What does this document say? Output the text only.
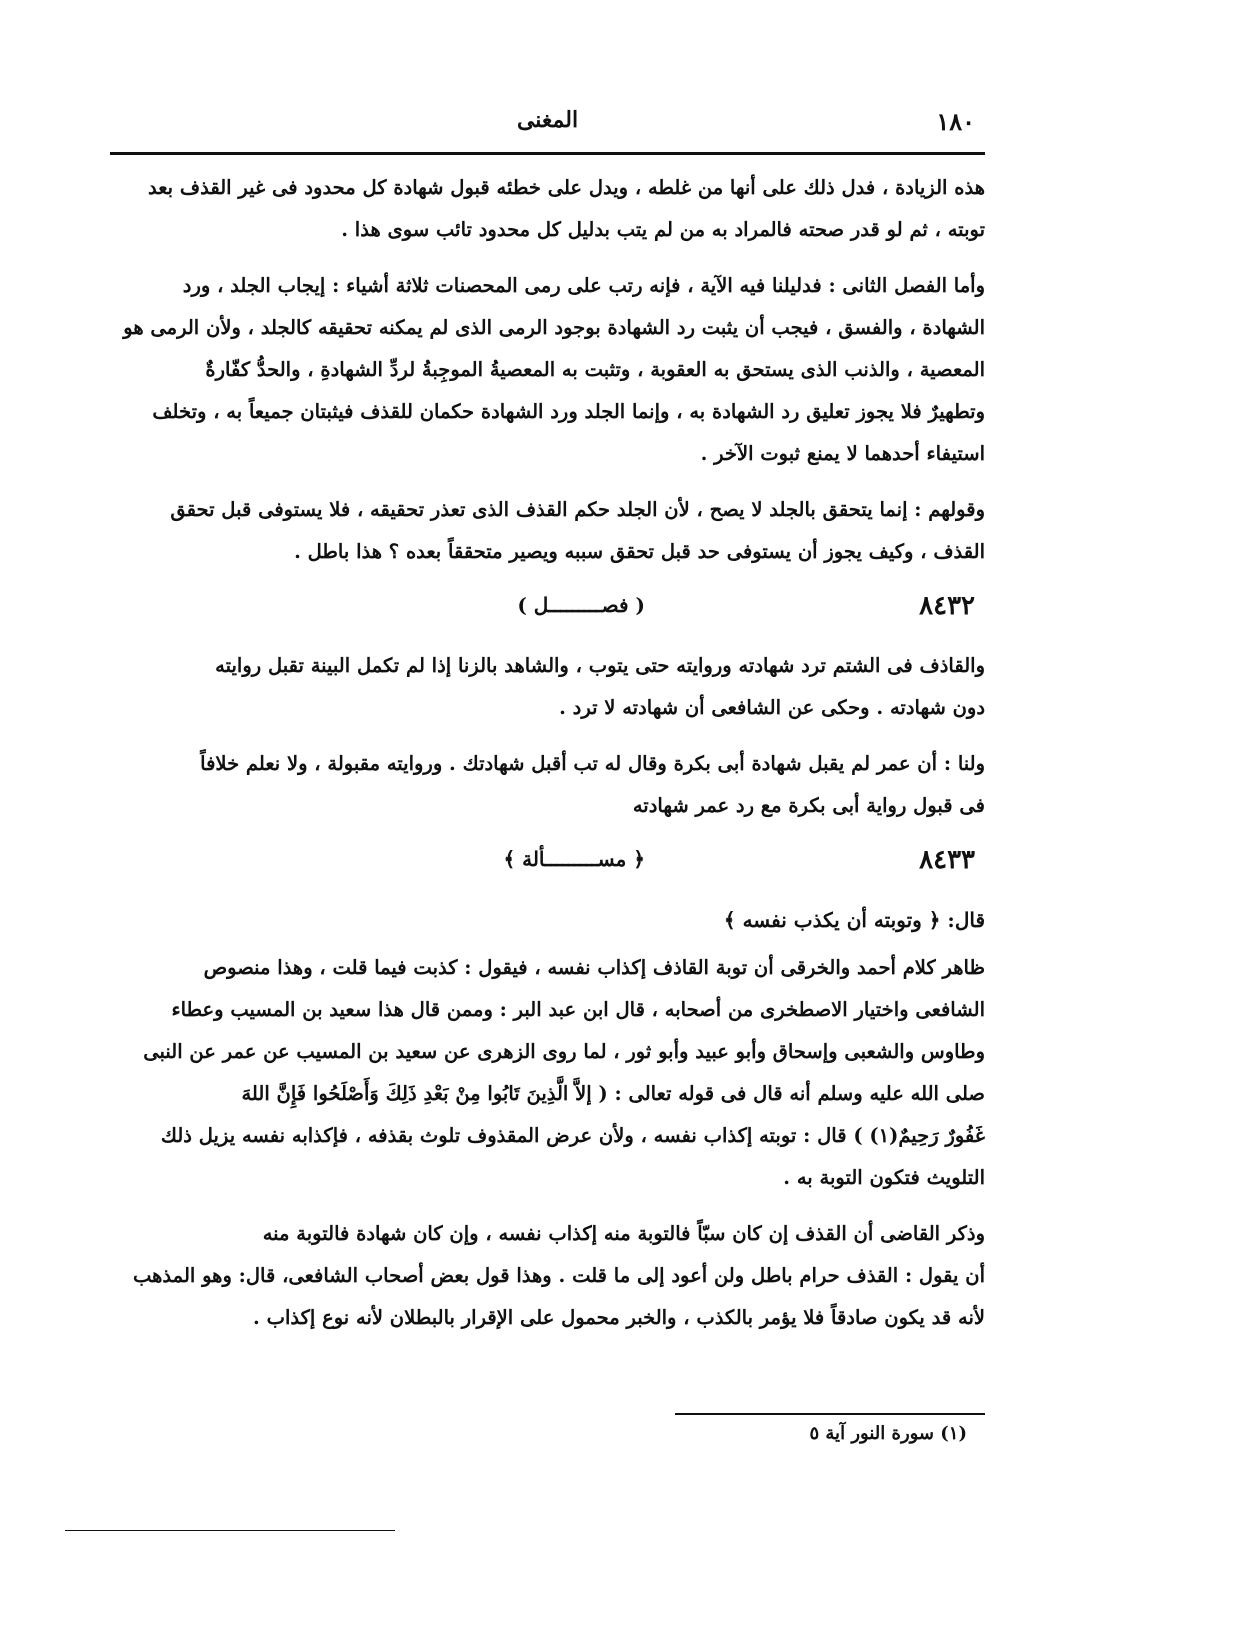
١٨٠
المغنى

هذه الزيادة ، فدل ذلك على أنها من غلطه ، ويدل على خطئه قبول شهادة كل محدود فى غير القذف بعد
توبته ، ثم لو قدر صحته فالمراد به من لم يتب بدليل كل محدود تائب سوى هذا .

وأما الفصل الثانى : فدليلنا فيه الآية ، فإنه رتب على رمى المحصنات ثلاثة أشياء : إيجاب الجلد ، ورد
الشهادة ، والفسق ، فيجب أن يثبت رد الشهادة بوجود الرمى الذى لم يمكنه تحقيقه كالجلد ، ولأن الرمى هو
المعصية ، والذنب الذى يستحق به العقوبة ، وتثبت به المعصيةُ الموجِبةُ لردِّ الشهادةِ ، والحدُّ كفّارةٌ
وتطهيرٌ فلا يجوز تعليق رد الشهادة به ، وإنما الجلد ورد الشهادة حكمان للقذف فيثبتان جميعاً به ، وتخلف
استيفاء أحدهما لا يمنع ثبوت الآخر .

وقولهم : إنما يتحقق بالجلد لا يصح ، لأن الجلد حكم القذف الذى تعذر تحقيقه ، فلا يستوفى قبل تحقق
القذف ، وكيف يجوز أن يستوفى حد قبل تحقق سببه ويصير متحققاً بعده ؟ هذا باطل .

٨٤٣٢
( فصـــــــــل )

والقاذف فى الشتم ترد شهادته وروايته حتى يتوب ، والشاهد بالزنا إذا لم تكمل البينة تقبل روايته
دون شهادته . وحكى عن الشافعى أن شهادته لا ترد .

ولنا : أن عمر لم يقبل شهادة أبى بكرة وقال له تب أقبل شهادتك . وروايته مقبولة ، ولا نعلم خلافاً
فى قبول رواية أبى بكرة مع رد عمر شهادته

٨٤٣٣
﴿ مســـــــــألة ﴾
قال: ﴿ وتوبته أن يكذب نفسه ﴾

ظاهر كلام أحمد والخرقى أن توبة القاذف إكذاب نفسه ، فيقول : كذبت فيما قلت ، وهذا منصوص
الشافعى واختيار الاصطخرى من أصحابه ، قال ابن عبد البر : وممن قال هذا سعيد بن المسيب وعطاء
وطاوس والشعبى وإسحاق وأبو عبيد وأبو ثور ، لما روى الزهرى عن سعيد بن المسيب عن عمر عن النبى
صلى الله عليه وسلم أنه قال فى قوله تعالى : ( إلاَّ الَّذِينَ تَابُوا مِنْ بَعْدِ ذَلِكَ وَأَصْلَحُوا فَإِنَّ اللهَ
غَفُورٌ رَحِيمٌ(١) ) قال : توبته إكذاب نفسه ، ولأن عرض المقذوف تلوث بقذفه ، فإكذابه نفسه يزيل ذلك
التلويث فتكون التوبة به .

وذكر القاضى أن القذف إن كان سبّاً فالتوبة منه إكذاب نفسه ، وإن كان شهادة فالتوبة منه
أن يقول : القذف حرام باطل ولن أعود إلى ما قلت . وهذا قول بعض أصحاب الشافعى، قال: وهو المذهب
لأنه قد يكون صادقاً فلا يؤمر بالكذب ، والخبر محمول على الإقرار بالبطلان لأنه نوع إكذاب .

(١) سورة النور آية ٥
